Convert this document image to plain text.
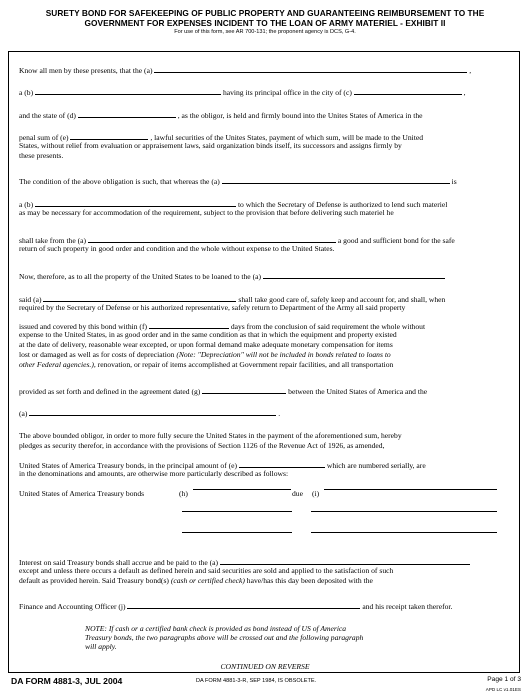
SURETY BOND FOR SAFEKEEPING OF PUBLIC PROPERTY AND GUARANTEEING REIMBURSEMENT TO THE
GOVERNMENT FOR EXPENSES INCIDENT TO THE LOAN OF ARMY MATERIEL - EXHIBIT II
For use of this form, see AR 700-131; the proponent agency is DCS, G-4.
Know all men by these presents, that the (a)	,
a (b)	having its principal office in the city of (c)	,
and the state of (d)	, as the obligor, is held and firmly bound into the Unites States of America in the
penal sum of (e)	, lawful securities of the Unites States, payment of which sum, will be made to the United
States, without relief from evaluation or appraisement laws, said organization binds itself, its successors and assigns firmly by
these presents.
The condition of the above obligation is such, that whereas the (a)	is
a (b)	to which the Secretary of Defense is authorized to lend such materiel
as may be necessary for accommodation of the requirement, subject to the provision that before delivering such materiel he
shall take from the (a)	a good and sufficient bond for the safe
return of such property in good order and condition and the whole without expense to the United States.
Now, therefore, as to all the property of the United States to be loaned to the (a)
said (a)	shall take good care of, safely keep and account for, and shall, when
required by the Secretary of Defense or his authorized representative, safely return to Department of the Army all said property
issued and covered by this bond within (f)	days from the conclusion of said requirement the whole without
expense to the United States, in as good order and in the same condition as that in which the equipment and property existed
at the date of delivery, reasonable wear excepted, or upon formal demand make adequate monetary compensation for items
lost or damaged as well as for costs of depreciation (Note: "Depreciation" will not be included in bonds related to loans to
other Federal agencies.), renovation, or repair of items accomplished at Government repair facilities, and all transportation
provided as set forth and defined in the agreement dated (g)	between the United States of America and the
(a)	.
The above bounded obligor, in order to more fully secure the United States in the payment of the aforementioned sum, hereby
pledges as security therefor, in accordance with the provisions of Section 1126 of the Revenue Act of 1926, as amended,
United States of America Treasury bonds, in the principal amount of (e)	which are numbered serially, are
in the denominations and amounts, are otherwise more particularly described as follows:
United States of America Treasury bonds	(h)	due (i)
Interest on said Treasury bonds shall accrue and be paid to the (a)
except and unless there occurs a default as defined herein and said securities are sold and applied to the satisfaction of such
default as provided herein. Said Treasury bond(s) (cash or certified check) have/has this day been deposited with the
Finance and Accounting Officer (j)	and his receipt taken therefor.
NOTE: If cash or a certified bank check is provided as bond instead of US of America
Treasury bonds, the two paragraphs above will be crossed out and the following paragraph
will apply.
CONTINUED ON REVERSE
DA FORM 4881-3, JUL 2004	DA FORM 4881-3-R, SEP 1984, IS OBSOLETE.	Page 1 of 3
APD LC v1.01ES
